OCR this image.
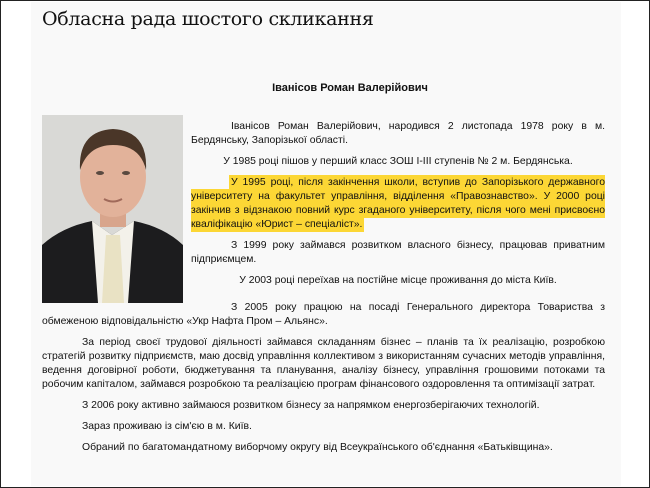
Обласна рада шостого скликання
Іванісов Роман Валерійович

Іванісов Роман Валерійович, народився 2 листопада 1978 року в м. Бердянську, Запорізької області.

У 1985 році пішов у перший класс ЗОШ І-ІІІ ступенів № 2 м. Бердянська.

У 1995 році, після закінчення школи, вступив до Запорізького державного університету на факультет управління, відділення «Правознавство». У 2000 році закінчив з відзнакою повний курс згаданого університету, після чого мені присвоєно кваліфікацію «Юрист – спеціаліст».

З 1999 року займався розвитком власного бізнесу, працював приватним підприємцем.

У 2003 році переїхав на постійне місце проживання до міста Київ.

З 2005 року працюю на посаді Генерального директора Товариства з обмеженою відповідальністю «Укр Нафта Пром – Альянс».

За період своєї трудової діяльності займався складанням бізнес – планів та їх реалізацію, розробкою стратегій розвитку підприємств, маю досвід управління коллективом з використанням сучасних методів управління, ведення договірної роботи, бюджетування та планування, аналізу бізнесу, управління грошовими потоками та робочим капіталом, займався розробкою та реалізацією програм фінансового оздоровлення та оптимізації затрат.

З 2006 року активно займаюся розвитком бізнесу за напрямком енергозберігаючих технологій.

Зараз проживаю із сім'єю в м. Київ.

Обраний по багатомандатному виборчому округу від Всеукраїнського об'єднання «Батьківщина».
